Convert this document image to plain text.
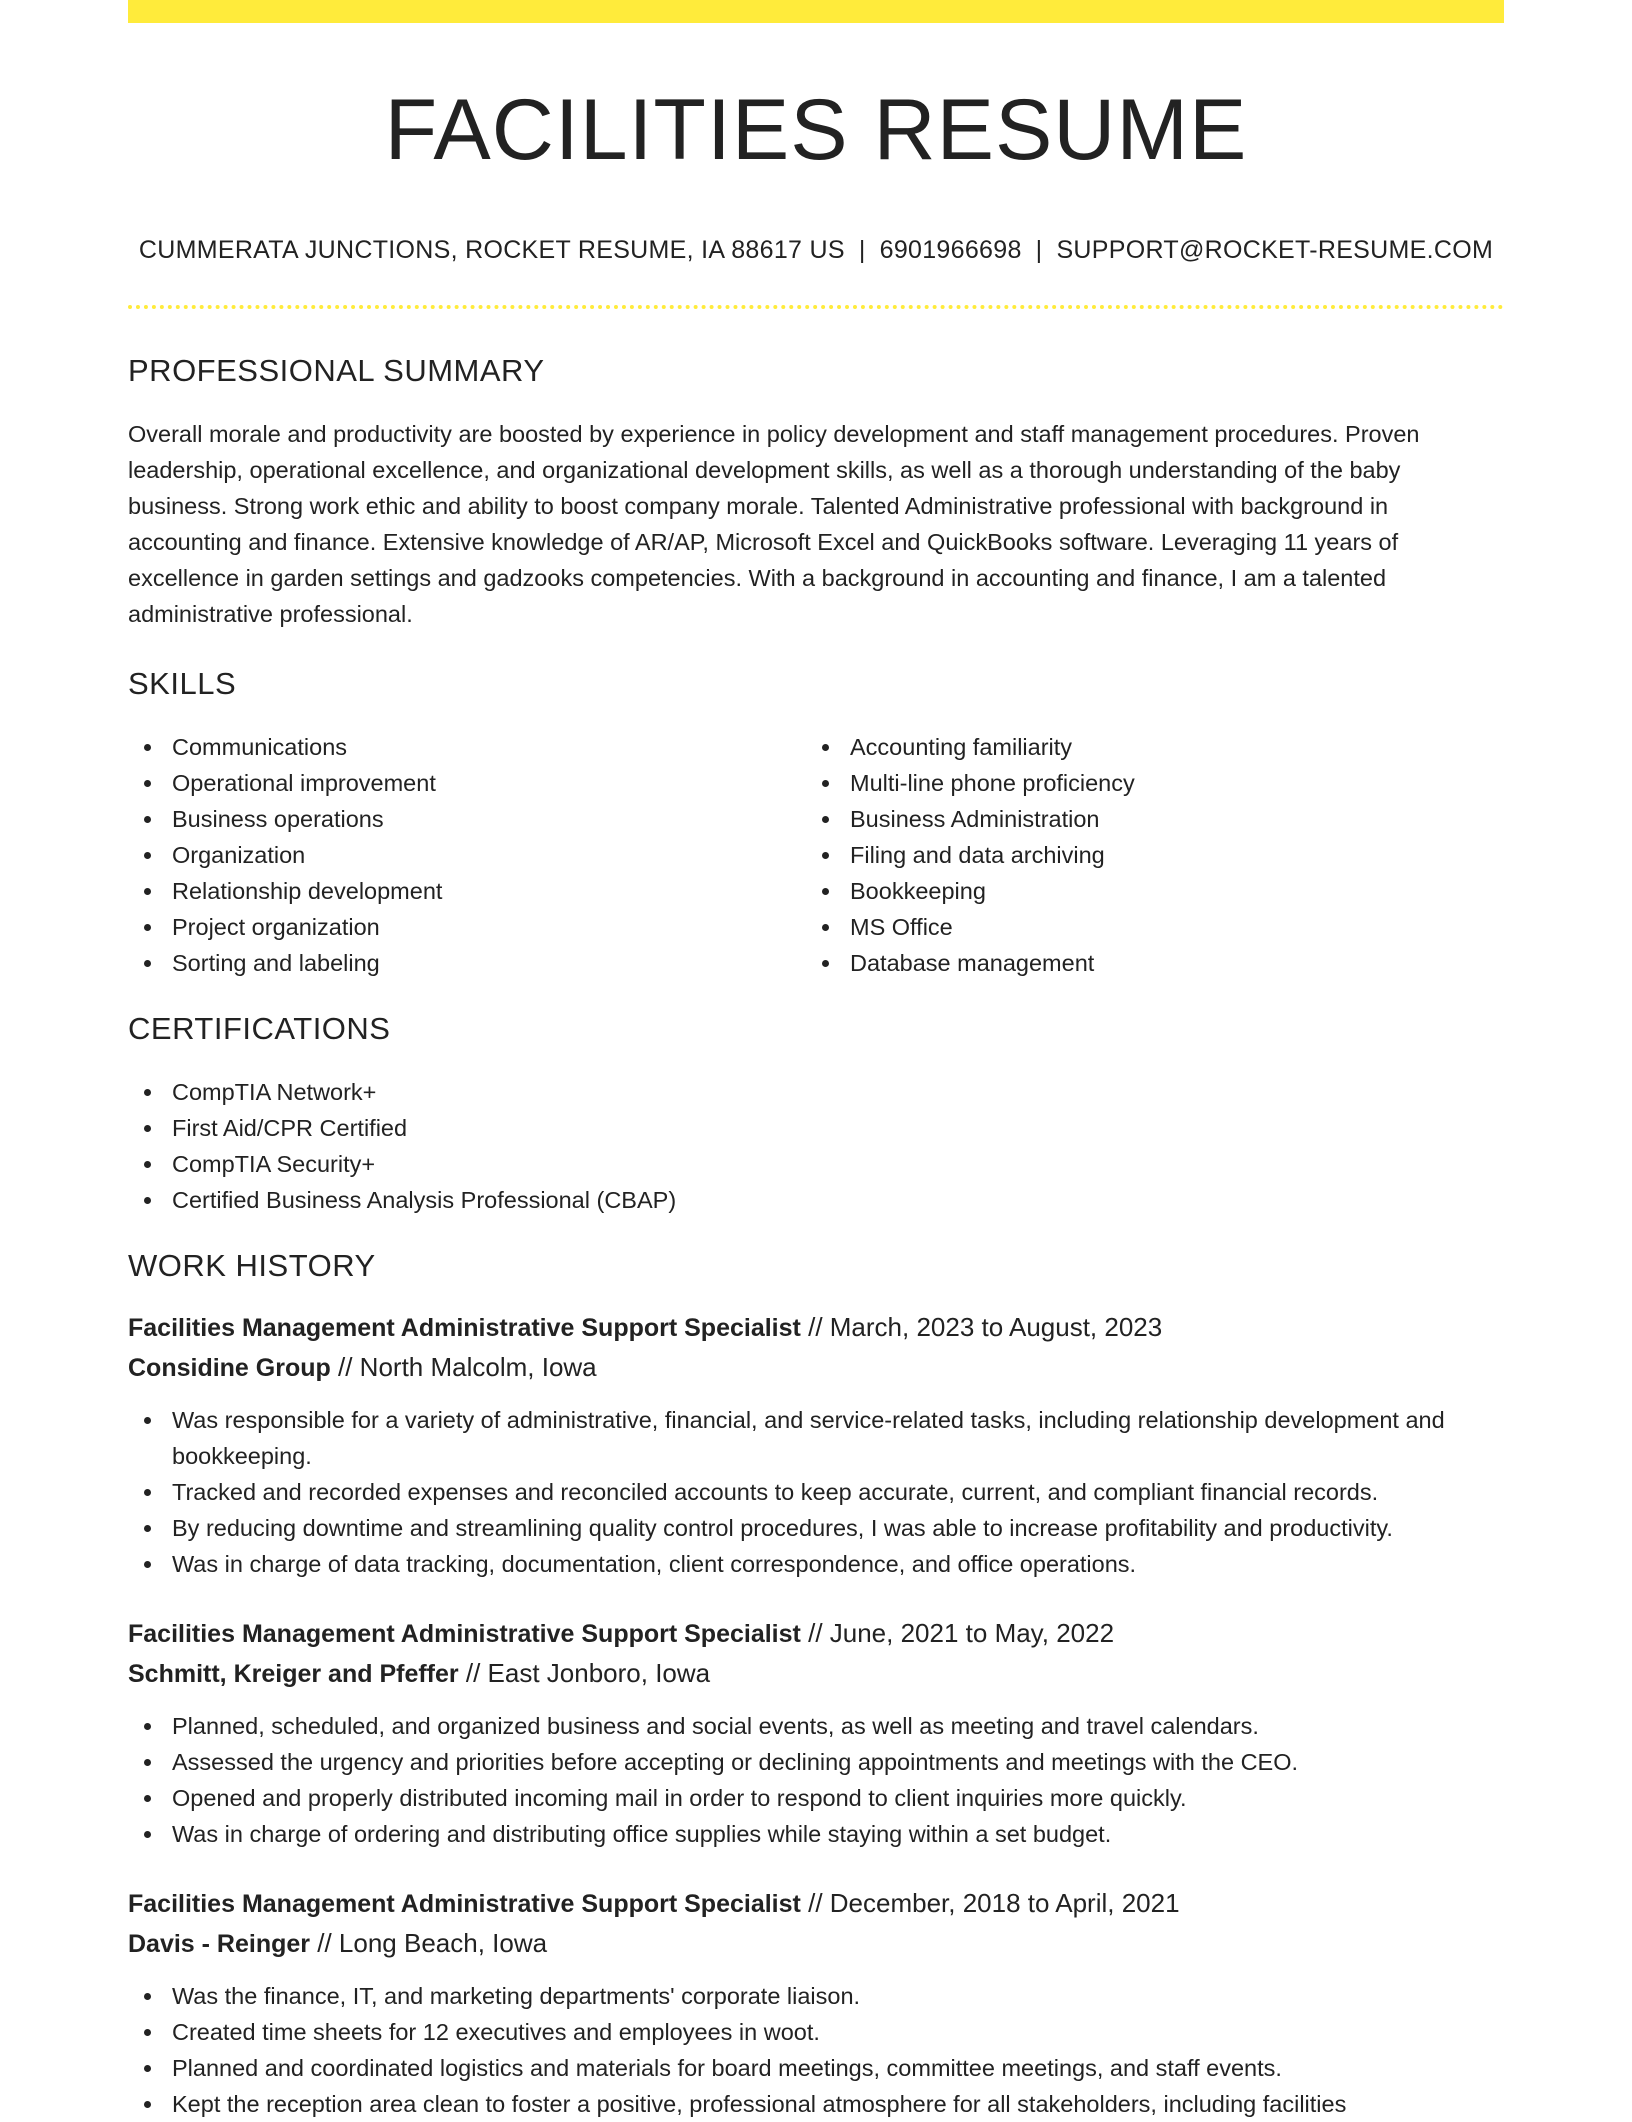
FACILITIES RESUME
CUMMERATA JUNCTIONS, ROCKET RESUME, IA 88617 US | 6901966698 | SUPPORT@ROCKET-RESUME.COM
PROFESSIONAL SUMMARY

Overall morale and productivity are boosted by experience in policy development and staff management procedures. Proven leadership, operational excellence, and organizational development skills, as well as a thorough understanding of the baby business. Strong work ethic and ability to boost company morale. Talented Administrative professional with background in accounting and finance. Extensive knowledge of AR/AP, Microsoft Excel and QuickBooks software. Leveraging 11 years of excellence in garden settings and gadzooks competencies. With a background in accounting and finance, I am a talented administrative professional.

SKILLS
Communications
Operational improvement
Business operations
Organization
Relationship development
Project organization
Sorting and labeling
Accounting familiarity
Multi-line phone proficiency
Business Administration
Filing and data archiving
Bookkeeping
MS Office
Database management
CERTIFICATIONS
CompTIA Network+
First Aid/CPR Certified
CompTIA Security+
Certified Business Analysis Professional (CBAP)
WORK HISTORY
Facilities Management Administrative Support Specialist // March, 2023 to August, 2023
Considine Group // North Malcolm, Iowa
Was responsible for a variety of administrative, financial, and service-related tasks, including relationship development and bookkeeping.
Tracked and recorded expenses and reconciled accounts to keep accurate, current, and compliant financial records.
By reducing downtime and streamlining quality control procedures, I was able to increase profitability and productivity.
Was in charge of data tracking, documentation, client correspondence, and office operations.
Facilities Management Administrative Support Specialist // June, 2021 to May, 2022
Schmitt, Kreiger and Pfeffer // East Jonboro, Iowa
Planned, scheduled, and organized business and social events, as well as meeting and travel calendars.
Assessed the urgency and priorities before accepting or declining appointments and meetings with the CEO.
Opened and properly distributed incoming mail in order to respond to client inquiries more quickly.
Was in charge of ordering and distributing office supplies while staying within a set budget.
Facilities Management Administrative Support Specialist // December, 2018 to April, 2021
Davis - Reinger // Long Beach, Iowa
Was the finance, IT, and marketing departments' corporate liaison.
Created time sheets for 12 executives and employees in woot.
Planned and coordinated logistics and materials for board meetings, committee meetings, and staff events.
Kept the reception area clean to foster a positive, professional atmosphere for all stakeholders, including facilities
